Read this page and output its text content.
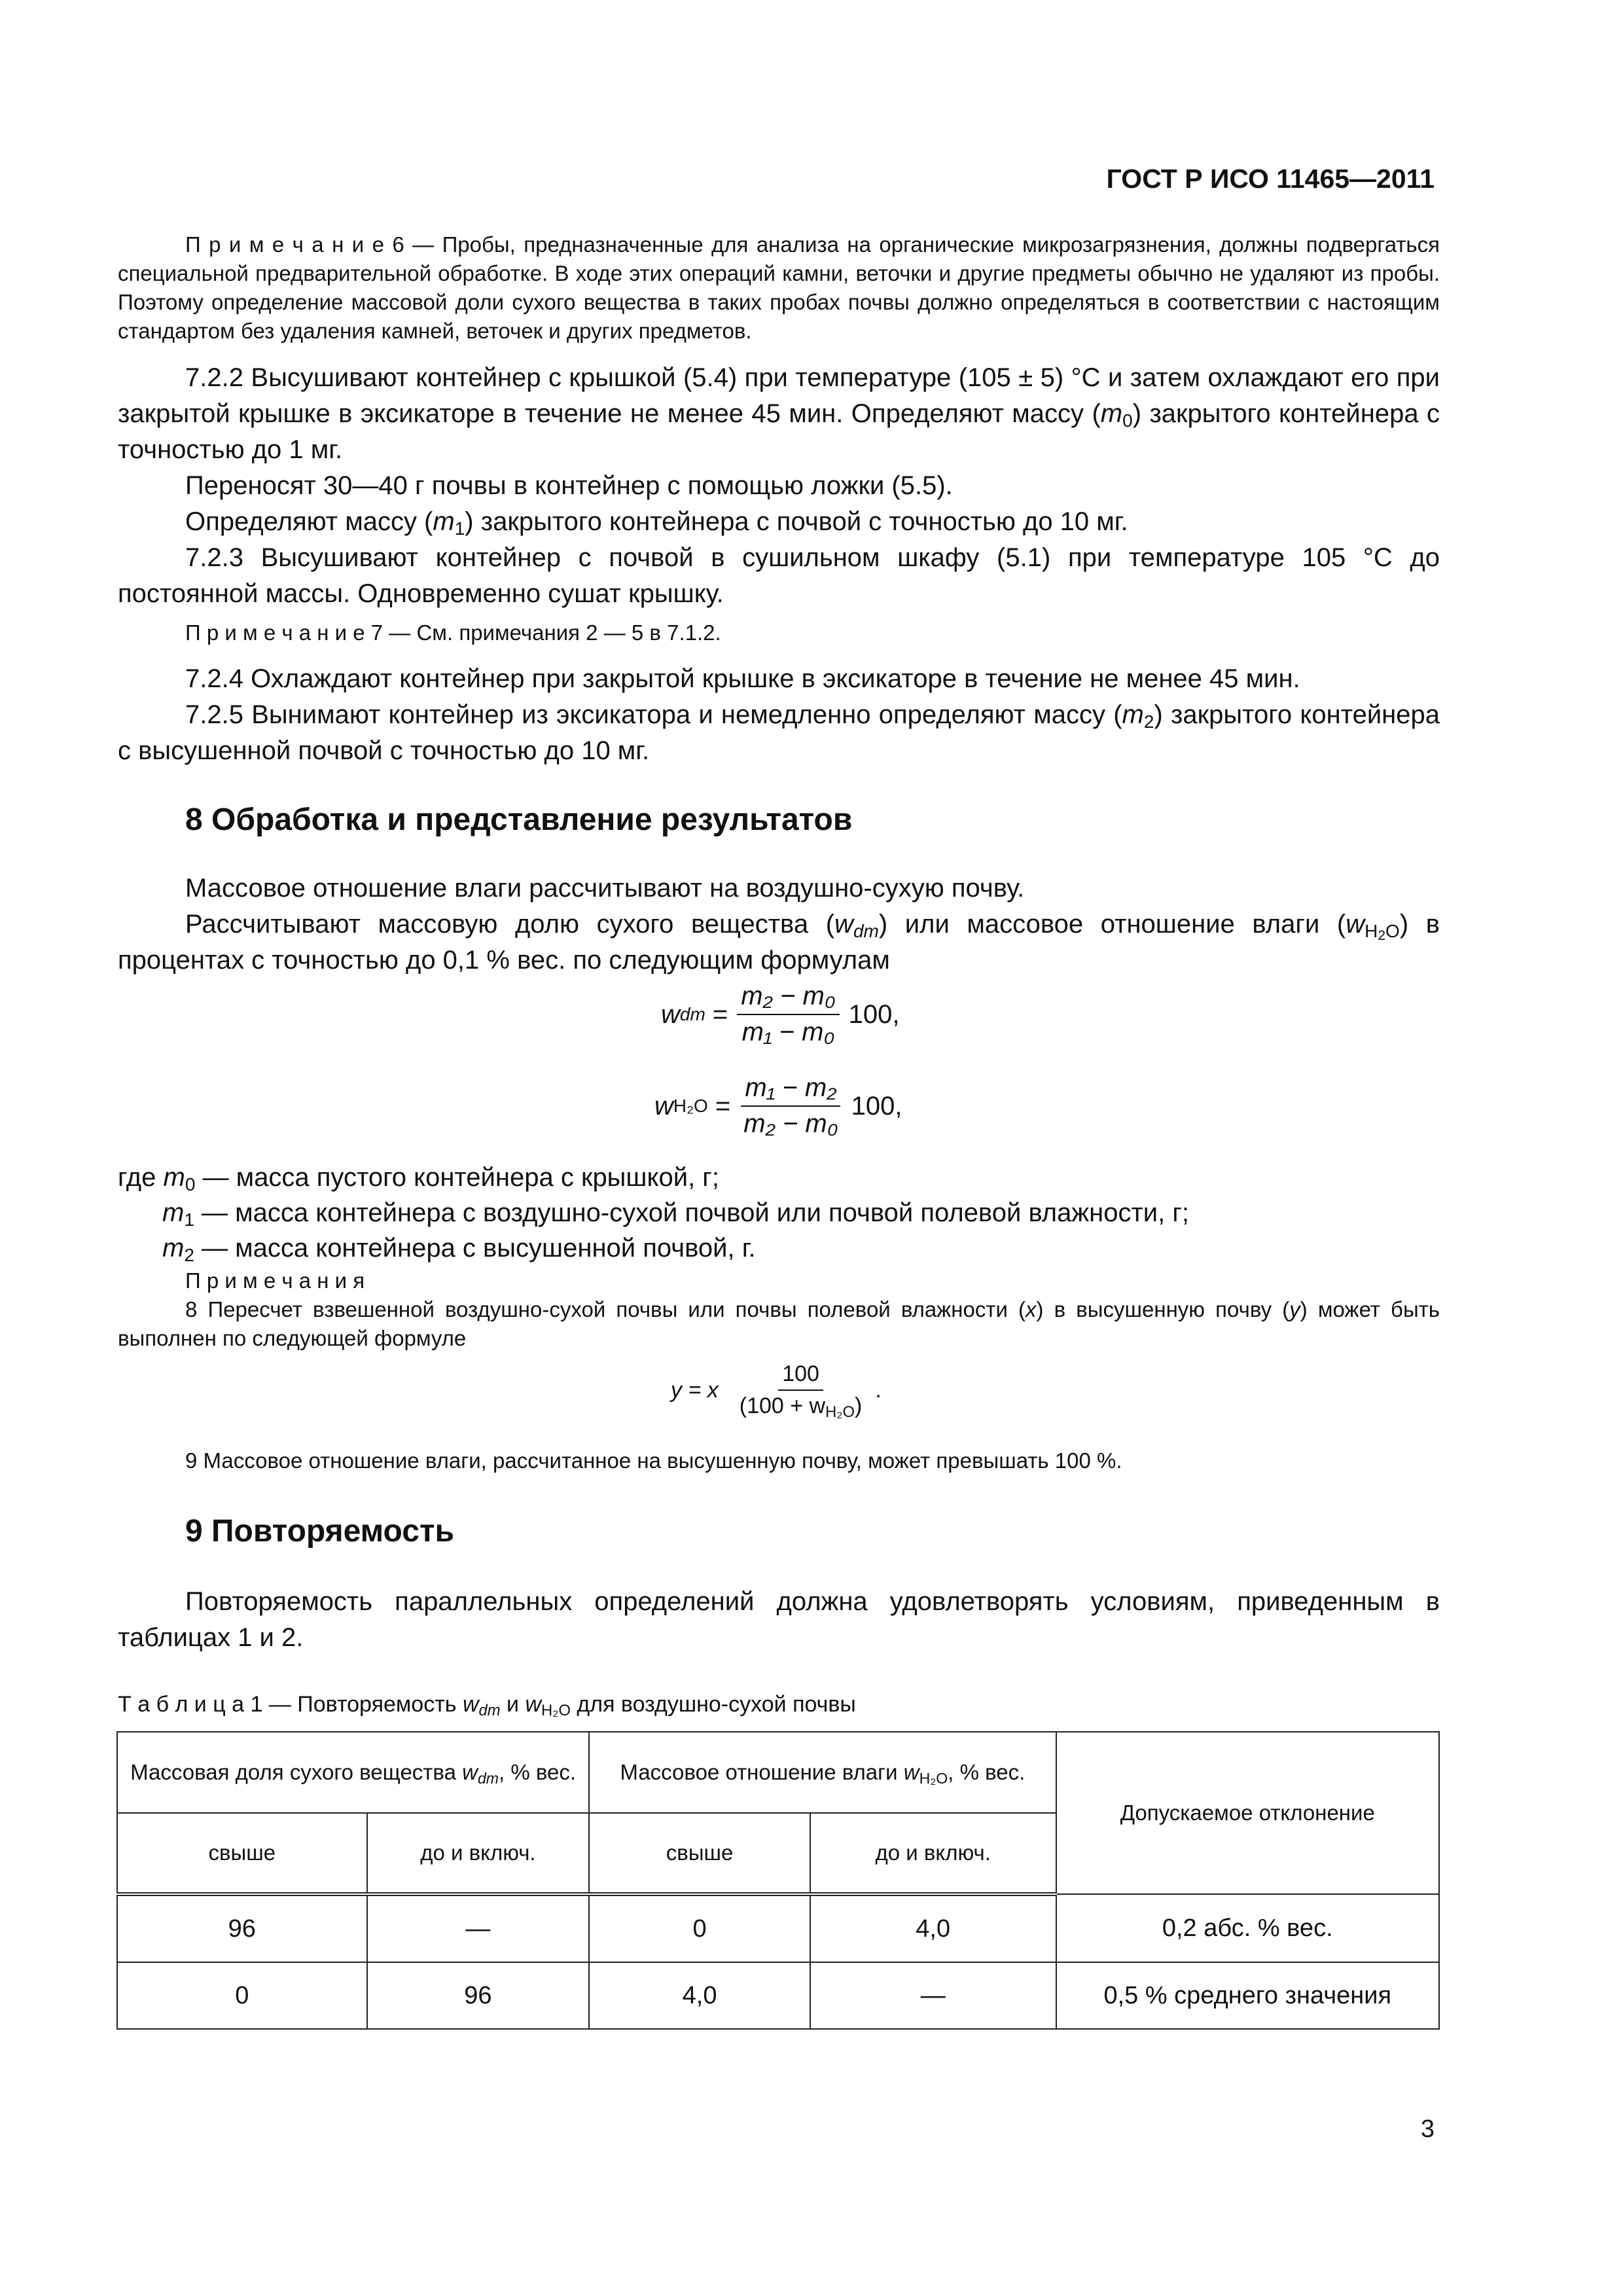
ГОСТ Р ИСО 11465—2011

П р и м е ч а н и е 6 — Пробы, предназначенные для анализа на органические микрозагрязнения, должны подвергаться специальной предварительной обработке. В ходе этих операций камни, веточки и другие предметы обычно не удаляют из пробы. Поэтому определение массовой доли сухого вещества в таких пробах почвы должно определяться в соответствии с настоящим стандартом без удаления камней, веточек и других предметов.

7.2.2 Высушивают контейнер с крышкой (5.4) при температуре (105 ± 5) °С и затем охлаждают его при закрытой крышке в эксикаторе в течение не менее 45 мин. Определяют массу $(m_0)$ закрытого контейнера с точностью до 1 мг.

Переносят 30—40 г почвы в контейнер с помощью ложки (5.5).

Определяют массу $(m_1)$ закрытого контейнера с почвой с точностью до 10 мг.

7.2.3 Высушивают контейнер с почвой в сушильном шкафу (5.1) при температуре 105 °С до постоянной массы. Одновременно сушат крышку.

П р и м е ч а н и е 7 — См. примечания 2 — 5 в 7.1.2.

7.2.4 Охлаждают контейнер при закрытой крышке в эксикаторе в течение не менее 45 мин.

7.2.5 Вынимают контейнер из эксикатора и немедленно определяют массу $(m_2)$ закрытого контейнера с высушенной почвой с точностью до 10 мг.

8 Обработка и представление результатов

Массовое отношение влаги рассчитывают на воздушно-сухую почву.

Рассчитывают массовую долю сухого вещества $(w_{dm})$ или массовое отношение влаги $(w_{H2O})$ в процентах с точностью до 0,1 % вес. по следующим формулам

w dm = $\frac{\text{m₂ − m₀}}{\text{m₁ − m₀}} 100$,
w $H_2O = \frac{\text{m₁ − m₂}}{\text{m₂ − m₀}} 100$,
где $m_0$ — масса пустого контейнера с крышкой, г;
$m_1$ — масса контейнера с воздушно-сухой почвой или почвой полевой влажности, г;
$m_2$ — масса контейнера с высушенной почвой, г.

П р и м е ч а н и я

8 Пересчет взвешенной воздушно-сухой почвы или почвы полевой влажности (x) в высушенную почву (y) может быть выполнен по следующей формуле

y = x $\frac{100}{(100 + w_{H_2O})}$ .

9 Массовое отношение влаги, рассчитанное на высушенную почву, может превышать 100 %.

9 Повторяемость

Повторяемость параллельных определений должна удовлетворять условиям, приведенным в таблицах 1 и 2.

Т а б л и ц а 1 — Повторяемость $w_{dm}$ и $w_{H_2O}$ для воздушно-сухой почвы
Массовая доля сухого вещества $w_{dm}$, % вес.		Массовое отношение влаги $w_{H_2O}$, % вес.		Допускаемое отклонение
свыше	до и включ.	свыше	до и включ.	
96	—	0	4,0	0,2 абс. % вес.
0	96	4,0	—	0,5 % среднего значения
3
